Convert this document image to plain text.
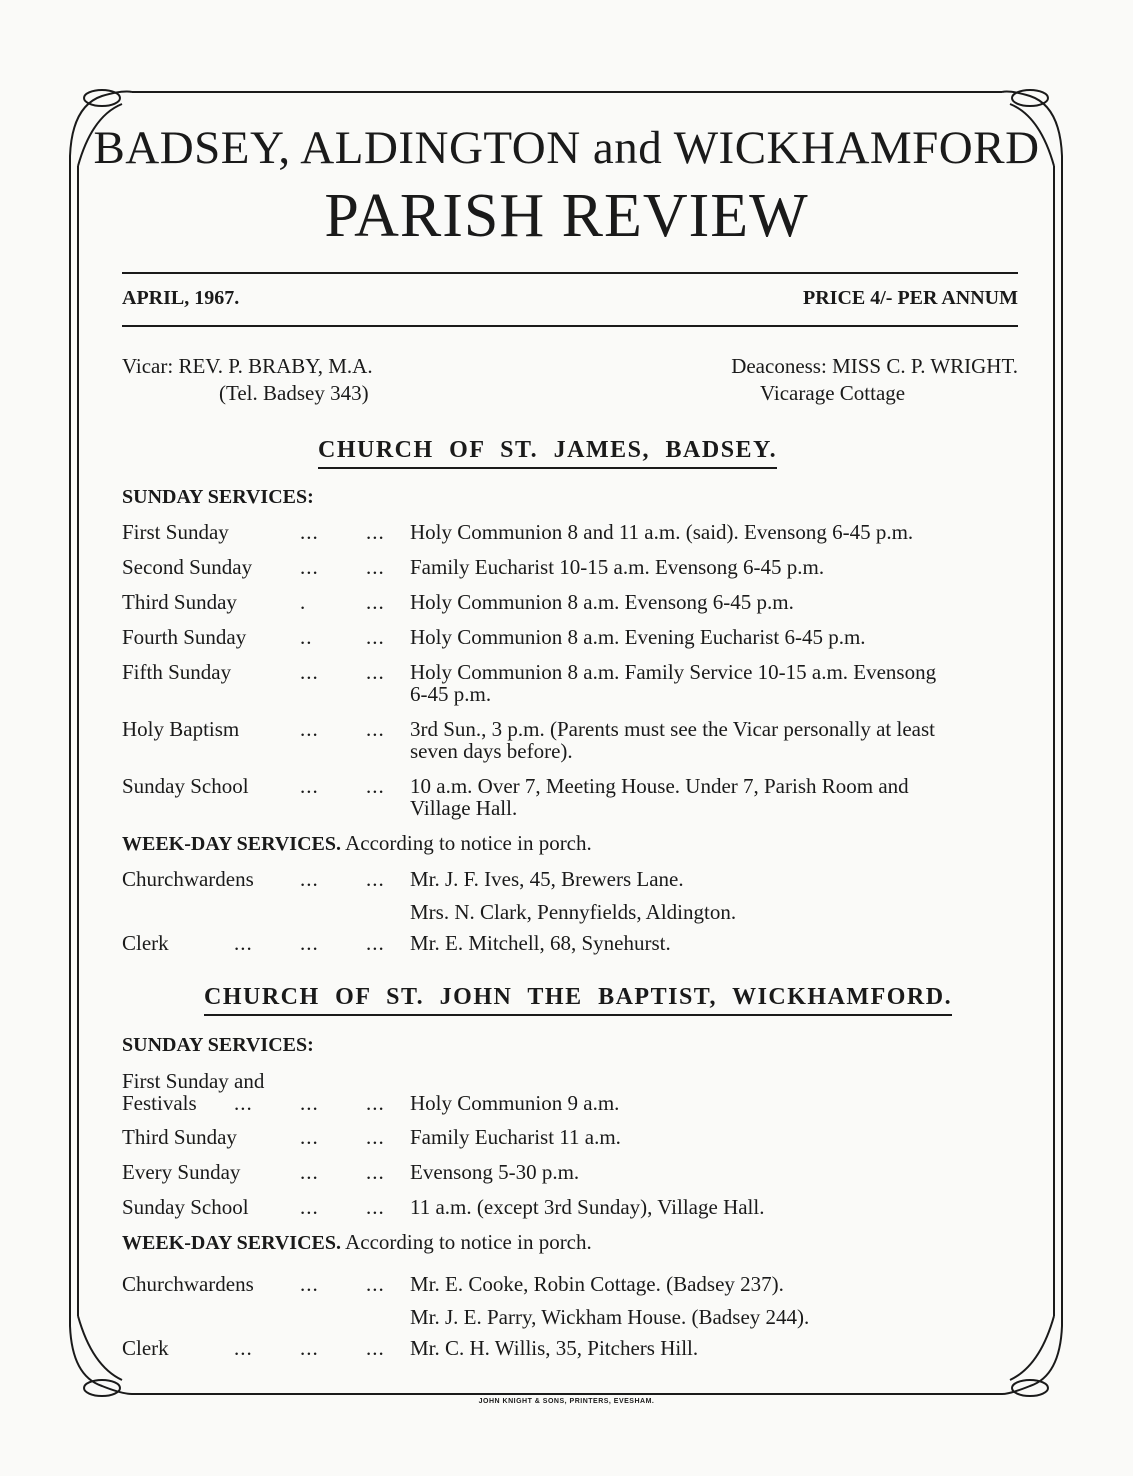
BADSEY, ALDINGTON and WICKHAMFORD
PARISH REVIEW
APRIL, 1967.	PRICE 4/- PER ANNUM
Vicar: REV. P. BRABY, M.A.
(Tel. Badsey 343)
Deaconess: MISS C. P. WRIGHT.
Vicarage Cottage
CHURCH OF ST. JAMES, BADSEY.
SUNDAY SERVICES:
First Sunday	... ... Holy Communion 8 and 11 a.m. (said). Evensong 6-45 p.m.
Second Sunday	... ... Family Eucharist 10-15 a.m. Evensong 6-45 p.m.
Third Sunday	.	... Holy Communion 8 a.m. Evensong 6-45 p.m.
Fourth Sunday	..	... Holy Communion 8 a.m. Evening Eucharist 6-45 p.m.
Fifth Sunday	... ... Holy Communion 8 a.m. Family Service 10-15 a.m. Evensong
6-45 p.m.
Holy Baptism	... ... 3rd Sun., 3 p.m. (Parents must see the Vicar personally at least
seven days before).
Sunday School	... ... 10 a.m. Over 7, Meeting House. Under 7, Parish Room and
Village Hall.
WEEK-DAY SERVICES. According to notice in porch.
Churchwardens	... ... Mr. J. F. Ives, 45, Brewers Lane.
Mrs. N. Clark, Pennyfields, Aldington.
Clerk	... ... ... Mr. E. Mitchell, 68, Synehurst.
CHURCH OF ST. JOHN THE BAPTIST, WICKHAMFORD.
SUNDAY SERVICES:
First Sunday and
Festivals	... ... ... Holy Communion 9 a.m.
Third Sunday	... ... Family Eucharist 11 a.m.
Every Sunday	... ... Evensong 5-30 p.m.
Sunday School	... ... 11 a.m. (except 3rd Sunday), Village Hall.
WEEK-DAY SERVICES. According to notice in porch.
Churchwardens	... ... Mr. E. Cooke, Robin Cottage. (Badsey 237).
Mr. J. E. Parry, Wickham House. (Badsey 244).
Clerk	... ... ... Mr. C. H. Willis, 35, Pitchers Hill.
JOHN KNIGHT & SONS, PRINTERS, EVESHAM.
